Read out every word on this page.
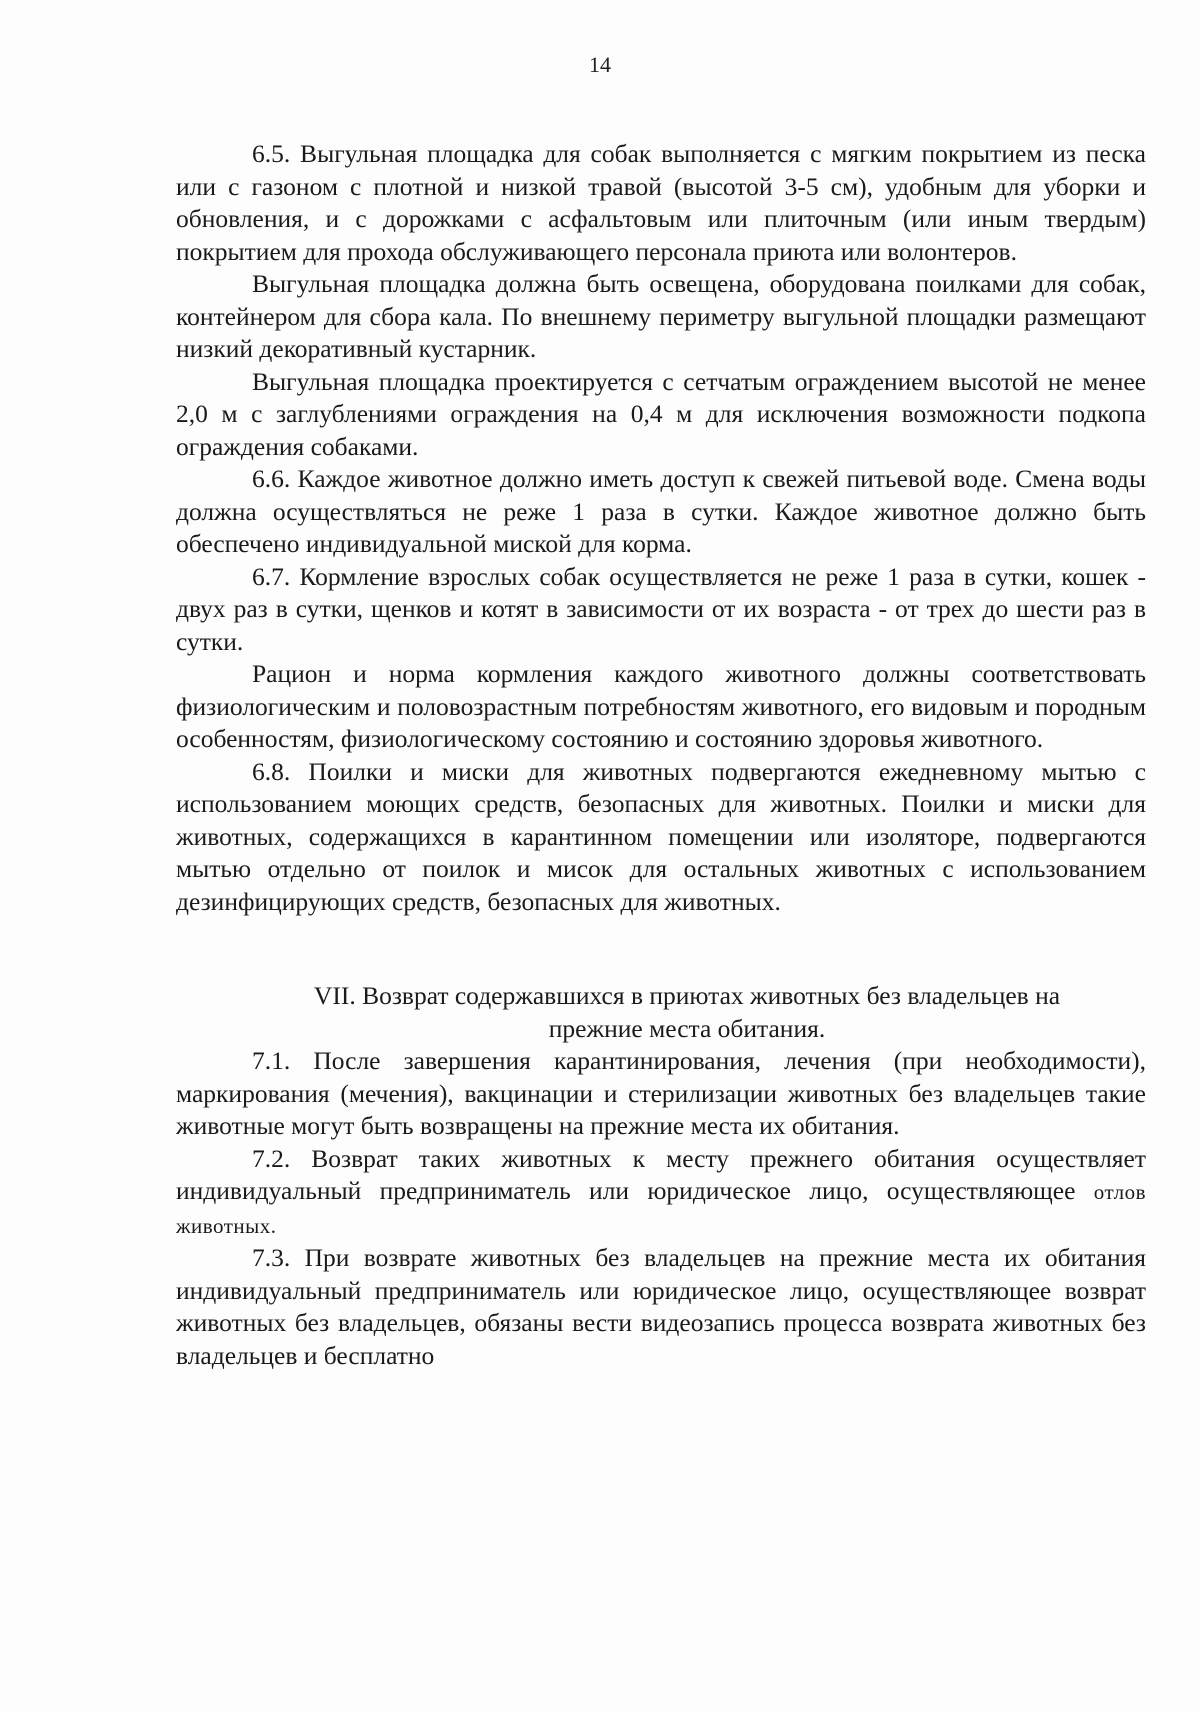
14

6.5. Выгульная площадка для собак выполняется с мягким покрытием из песка или с газоном с плотной и низкой травой (высотой 3-5 см), удобным для уборки и обновления, и с дорожками с асфальтовым или плиточным (или иным твердым) покрытием для прохода обслуживающего персонала приюта или волонтеров.

Выгульная площадка должна быть освещена, оборудована поилками для собак, контейнером для сбора кала. По внешнему периметру выгульной площадки размещают низкий декоративный кустарник.

Выгульная площадка проектируется с сетчатым ограждением высотой не менее 2,0 м с заглублениями ограждения на 0,4 м для исключения возможности подкопа ограждения собаками.

6.6. Каждое животное должно иметь доступ к свежей питьевой воде. Смена воды должна осуществляться не реже 1 раза в сутки. Каждое животное должно быть обеспечено индивидуальной миской для корма.

6.7. Кормление взрослых собак осуществляется не реже 1 раза в сутки, кошек - двух раз в сутки, щенков и котят в зависимости от их возраста - от трех до шести раз в сутки.

Рацион и норма кормления каждого животного должны соответствовать физиологическим и половозрастным потребностям животного, его видовым и породным особенностям, физиологическому состоянию и состоянию здоровья животного.

6.8. Поилки и миски для животных подвергаются ежедневному мытью с использованием моющих средств, безопасных для животных. Поилки и миски для животных, содержащихся в карантинном помещении или изоляторе, подвергаются мытью отдельно от поилок и мисок для остальных животных с использованием дезинфицирующих средств, безопасных для животных.

VII. Возврат содержавшихся в приютах животных без владельцев на
прежние места обитания.

7.1. После завершения карантинирования, лечения (при необходимости), маркирования (мечения), вакцинации и стерилизации животных без владельцев такие животные могут быть возвращены на прежние места их обитания.

7.2. Возврат таких животных к месту прежнего обитания осуществляет индивидуальный предприниматель или юридическое лицо, осуществляющее отлов животных.

7.3. При возврате животных без владельцев на прежние места их обитания индивидуальный предприниматель или юридическое лицо, осуществляющее возврат животных без владельцев, обязаны вести видеозапись процесса возврата животных без владельцев и бесплатно
